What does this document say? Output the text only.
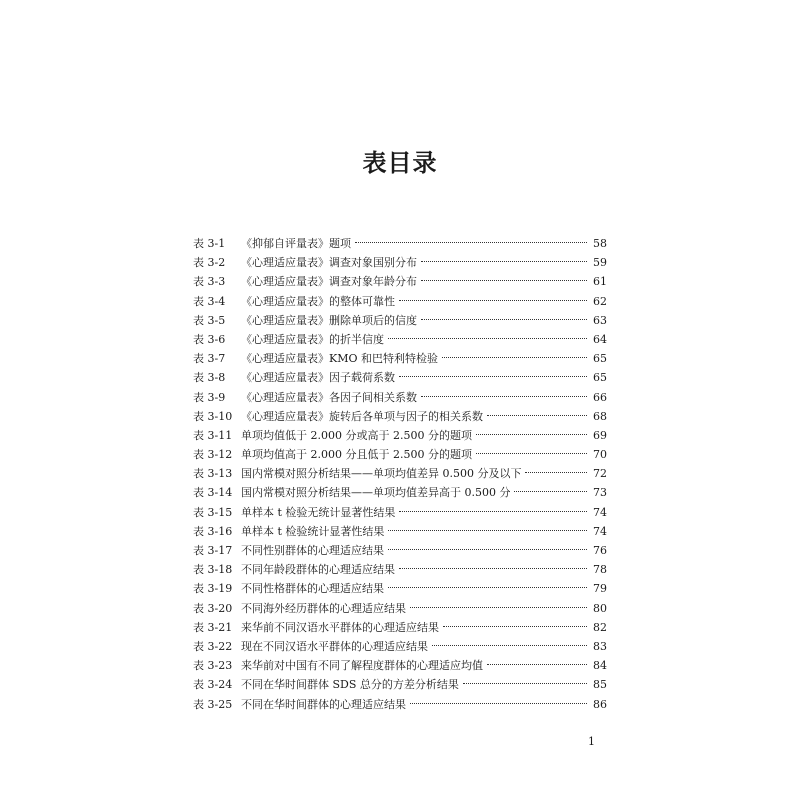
表目录
表 3-1	《抑郁自评量表》题项	58
表 3-2	《心理适应量表》调查对象国别分布	59
表 3-3	《心理适应量表》调查对象年龄分布	61
表 3-4	《心理适应量表》的整体可靠性	62
表 3-5	《心理适应量表》删除单项后的信度	63
表 3-6	《心理适应量表》的折半信度	64
表 3-7	《心理适应量表》KMO 和巴特利特检验	65
表 3-8	《心理适应量表》因子载荷系数	65
表 3-9	《心理适应量表》各因子间相关系数	66
表 3-10 《心理适应量表》旋转后各单项与因子的相关系数	68
表 3-11 单项均值低于 2.000 分或高于 2.500 分的题项	69
表 3-12 单项均值高于 2.000 分且低于 2.500 分的题项	70
表 3-13 国内常模对照分析结果——单项均值差异 0.500 分及以下	72
表 3-14 国内常模对照分析结果——单项均值差异高于 0.500 分	73
表 3-15 单样本 t 检验无统计显著性结果	74
表 3-16 单样本 t 检验统计显著性结果	74
表 3-17 不同性别群体的心理适应结果	76
表 3-18 不同年龄段群体的心理适应结果	78
表 3-19 不同性格群体的心理适应结果	79
表 3-20 不同海外经历群体的心理适应结果	80
表 3-21 来华前不同汉语水平群体的心理适应结果	82
表 3-22 现在不同汉语水平群体的心理适应结果	83
表 3-23 来华前对中国有不同了解程度群体的心理适应均值	84
表 3-24 不同在华时间群体 SDS 总分的方差分析结果	85
表 3-25 不同在华时间群体的心理适应结果	86
1
